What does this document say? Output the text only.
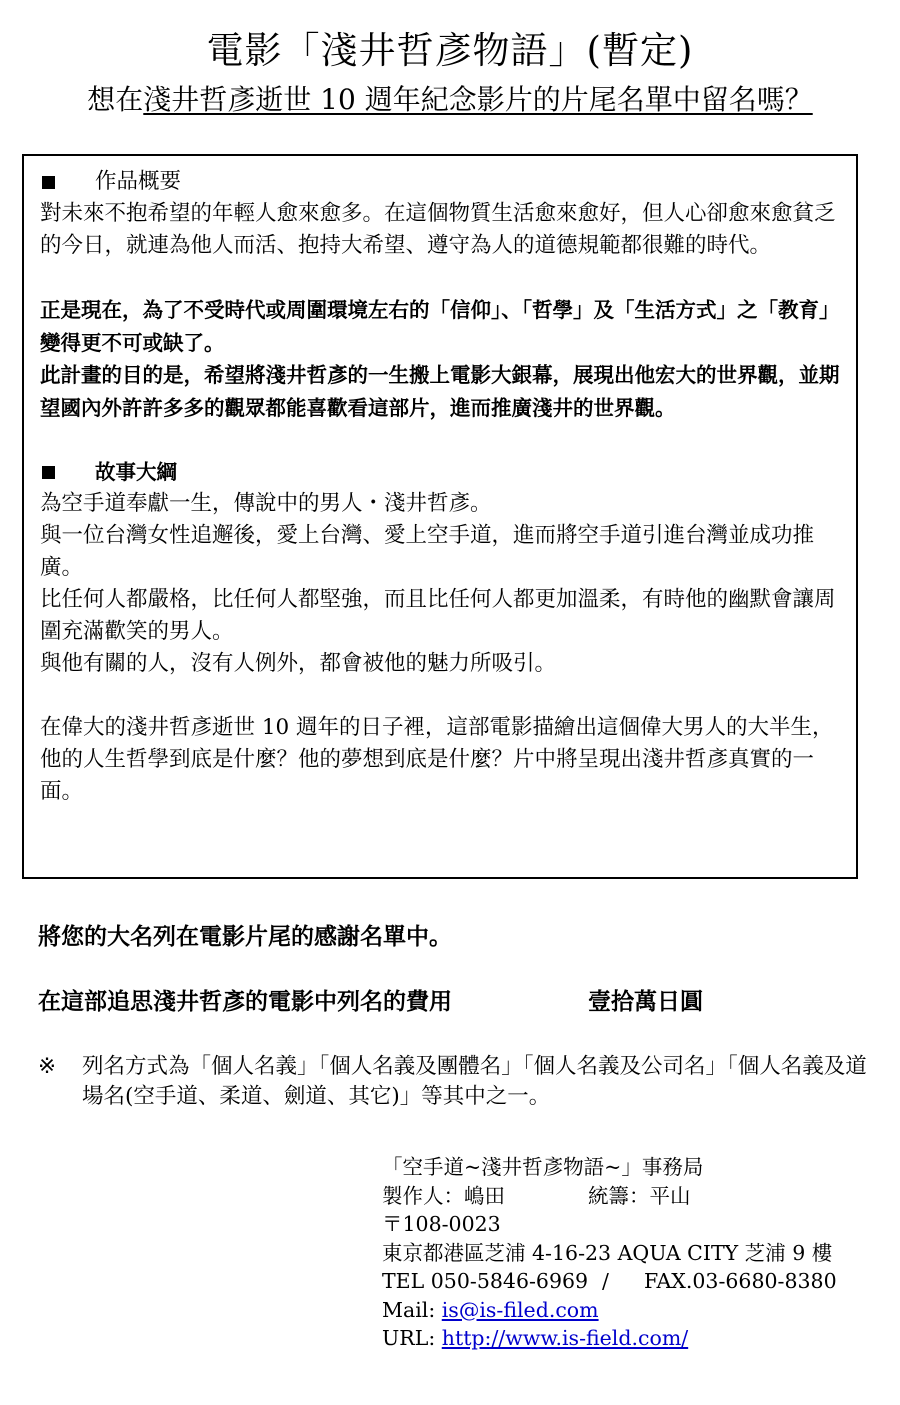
電影「淺井哲彥物語」(暫定)
想在淺井哲彥逝世 10 週年紀念影片的片尾名單中留名嗎？
作品概要

對未來不抱希望的年輕人愈來愈多。在這個物質生活愈來愈好，但人心卻愈來愈貧乏的今日，就連為他人而活、抱持大希望、遵守為人的道德規範都很難的時代。

正是現在，為了不受時代或周圍環境左右的「信仰」、「哲學」及「生活方式」之「教育」變得更不可或缺了。

此計畫的目的是，希望將淺井哲彥的一生搬上電影大銀幕，展現出他宏大的世界觀，並期望國內外許許多多的觀眾都能喜歡看這部片，進而推廣淺井的世界觀。

故事大綱

為空手道奉獻一生，傳說中的男人・淺井哲彥。

與一位台灣女性追邂後，愛上台灣、愛上空手道，進而將空手道引進台灣並成功推廣。

比任何人都嚴格，比任何人都堅強，而且比任何人都更加溫柔，有時他的幽默會讓周圍充滿歡笑的男人。

與他有關的人，沒有人例外，都會被他的魅力所吸引。

在偉大的淺井哲彥逝世 10 週年的日子裡，這部電影描繪出這個偉大男人的大半生，他的人生哲學到底是什麼？他的夢想到底是什麼？片中將呈現出淺井哲彥真實的一面。

將您的大名列在電影片尾的感謝名單中。
在這部追思淺井哲彥的電影中列名的費用	壹拾萬日圓
※	列名方式為「個人名義」「個人名義及團體名」「個人名義及公司名」「個人名義及道場名(空手道、柔道、劍道、其它)」等其中之一。
「空手道~淺井哲彥物語~」事務局
製作人：嶋田	統籌：平山
〒108-0023
東京都港區芝浦 4-16-23 AQUA CITY 芝浦 9 樓
TEL 050-5846-6969 / FAX.03-6680-8380
Mail: is@is-filed.com
URL: http://www.is-field.com/
